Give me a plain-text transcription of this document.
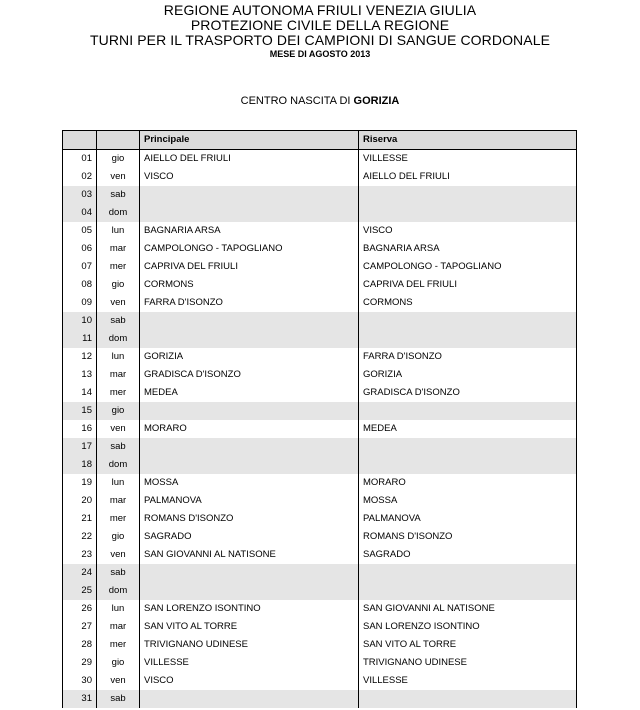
REGIONE AUTONOMA FRIULI VENEZIA GIULIA
PROTEZIONE CIVILE DELLA REGIONE
TURNI PER IL TRASPORTO DEI CAMPIONI DI SANGUE CORDONALE
MESE DI AGOSTO 2013
CENTRO NASCITA DI GORIZIA
		Principale	Riserva
01	gio	AIELLO DEL FRIULI	VILLESSE
02	ven	VISCO	AIELLO DEL FRIULI
03	sab		
04	dom		
05	lun	BAGNARIA ARSA	VISCO
06	mar	CAMPOLONGO - TAPOGLIANO	BAGNARIA ARSA
07	mer	CAPRIVA DEL FRIULI	CAMPOLONGO - TAPOGLIANO
08	gio	CORMONS	CAPRIVA DEL FRIULI
09	ven	FARRA D'ISONZO	CORMONS
10	sab		
11	dom		
12	lun	GORIZIA	FARRA D'ISONZO
13	mar	GRADISCA D'ISONZO	GORIZIA
14	mer	MEDEA	GRADISCA D'ISONZO
15	gio		
16	ven	MORARO	MEDEA
17	sab		
18	dom		
19	lun	MOSSA	MORARO
20	mar	PALMANOVA	MOSSA
21	mer	ROMANS D'ISONZO	PALMANOVA
22	gio	SAGRADO	ROMANS D'ISONZO
23	ven	SAN GIOVANNI AL NATISONE	SAGRADO
24	sab		
25	dom		
26	lun	SAN LORENZO ISONTINO	SAN GIOVANNI AL NATISONE
27	mar	SAN VITO AL TORRE	SAN LORENZO ISONTINO
28	mer	TRIVIGNANO UDINESE	SAN VITO AL TORRE
29	gio	VILLESSE	TRIVIGNANO UDINESE
30	ven	VISCO	VILLESSE
31	sab		
